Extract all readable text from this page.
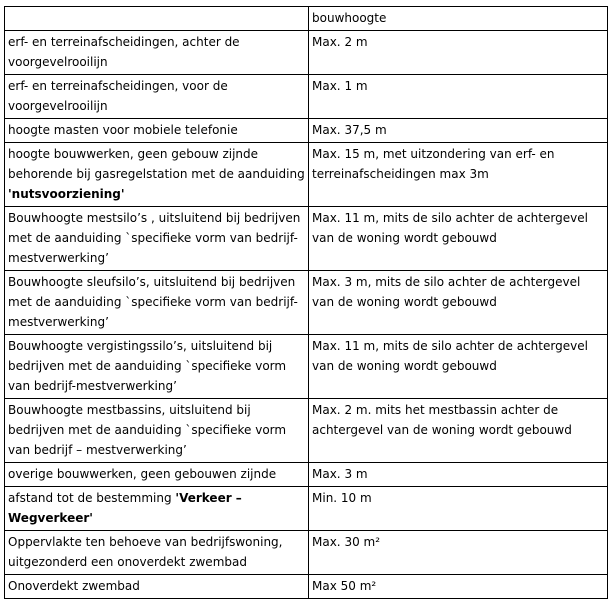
	bouwhoogte
erf- en terreinafscheidingen, achter de voorgevelrooilijn	Max. 2 m
erf- en terreinafscheidingen, voor de voorgevelrooilijn	Max. 1 m
hoogte masten voor mobiele telefonie	Max. 37,5 m
hoogte bouwwerken, geen gebouw zijnde behorende bij gasregelstation met de aanduiding 'nutsvoorziening'	Max. 15 m, met uitzondering van erf- en terreinafscheidingen max 3m
Bouwhoogte mestsilo’s , uitsluitend bij bedrijven met de aanduiding `specifieke vorm van bedrijf-mestverwerking’	Max. 11 m, mits de silo achter de achtergevel van de woning wordt gebouwd
Bouwhoogte sleufsilo’s, uitsluitend bij bedrijven met de aanduiding `specifieke vorm van bedrijf-mestverwerking’	Max. 3 m, mits de silo achter de achtergevel van de woning wordt gebouwd
Bouwhoogte vergistingssilo’s, uitsluitend bij bedrijven met de aanduiding `specifieke vorm van bedrijf-mestverwerking’	Max. 11 m, mits de silo achter de achtergevel van de woning wordt gebouwd
Bouwhoogte mestbassins, uitsluitend bij bedrijven met de aanduiding `specifieke vorm van bedrijf – mestverwerking’	Max. 2 m. mits het mestbassin achter de achtergevel van de woning wordt gebouwd
overige bouwwerken, geen gebouwen zijnde	Max. 3 m
afstand tot de bestemming 'Verkeer – Wegverkeer'	Min. 10 m
Oppervlakte ten behoeve van bedrijfswoning, uitgezonderd een onoverdekt zwembad	Max. 30 m²
Onoverdekt zwembad	Max 50 m²
